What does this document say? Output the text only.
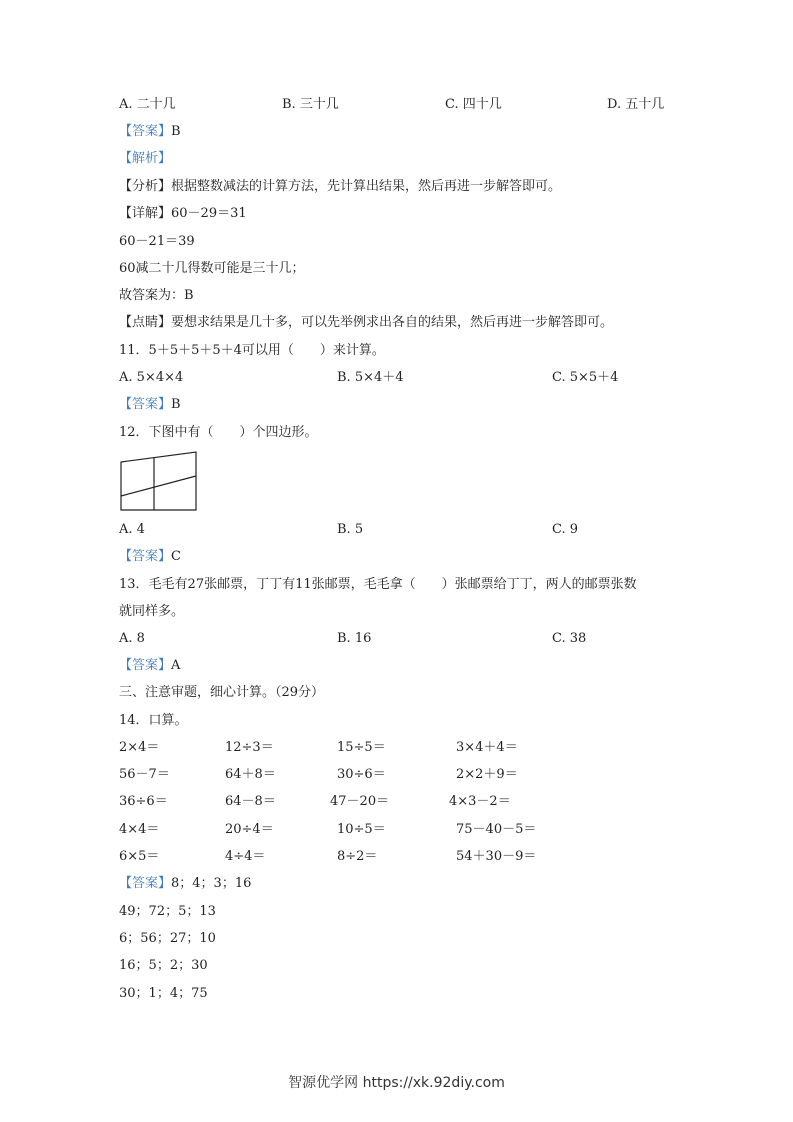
A. 二十几	B. 三十几	C. 四十几	D. 五十几
【答案】B
【解析】
【分析】根据整数减法的计算方法，先计算出结果，然后再进一步解答即可。
【详解】60－29＝31
60－21＝39
60减二十几得数可能是三十几；
故答案为：B
【点睛】要想求结果是几十多，可以先举例求出各自的结果，然后再进一步解答即可。
11．5＋5＋5＋5＋4可以用（　　）来计算。
A. 5×4×4	B. 5×4＋4	C. 5×5＋4
【答案】B
12．下图中有（　　）个四边形。
A. 4	B. 5	C. 9
【答案】C
13．毛毛有27张邮票，丁丁有11张邮票，毛毛拿（　　）张邮票给丁丁，两人的邮票张数
就同样多。
A. 8	B. 16	C. 38
【答案】A
三、注意审题，细心计算。（29分）
14．口算。
2×4＝	12÷3＝	15÷5＝	3×4＋4＝
56－7＝	64＋8＝	30÷6＝	2×2＋9＝
36÷6＝	64－8＝	47－20＝	4×3－2＝
4×4＝	20÷4＝	10÷5＝	75－40－5＝
6×5＝	4÷4＝	8÷2＝	54＋30－9＝
【答案】8；4；3；16
49；72；5；13
6；56；27；10
16；5；2；30
30；1；4；75
智源优学网 https://xk.92diy.com
